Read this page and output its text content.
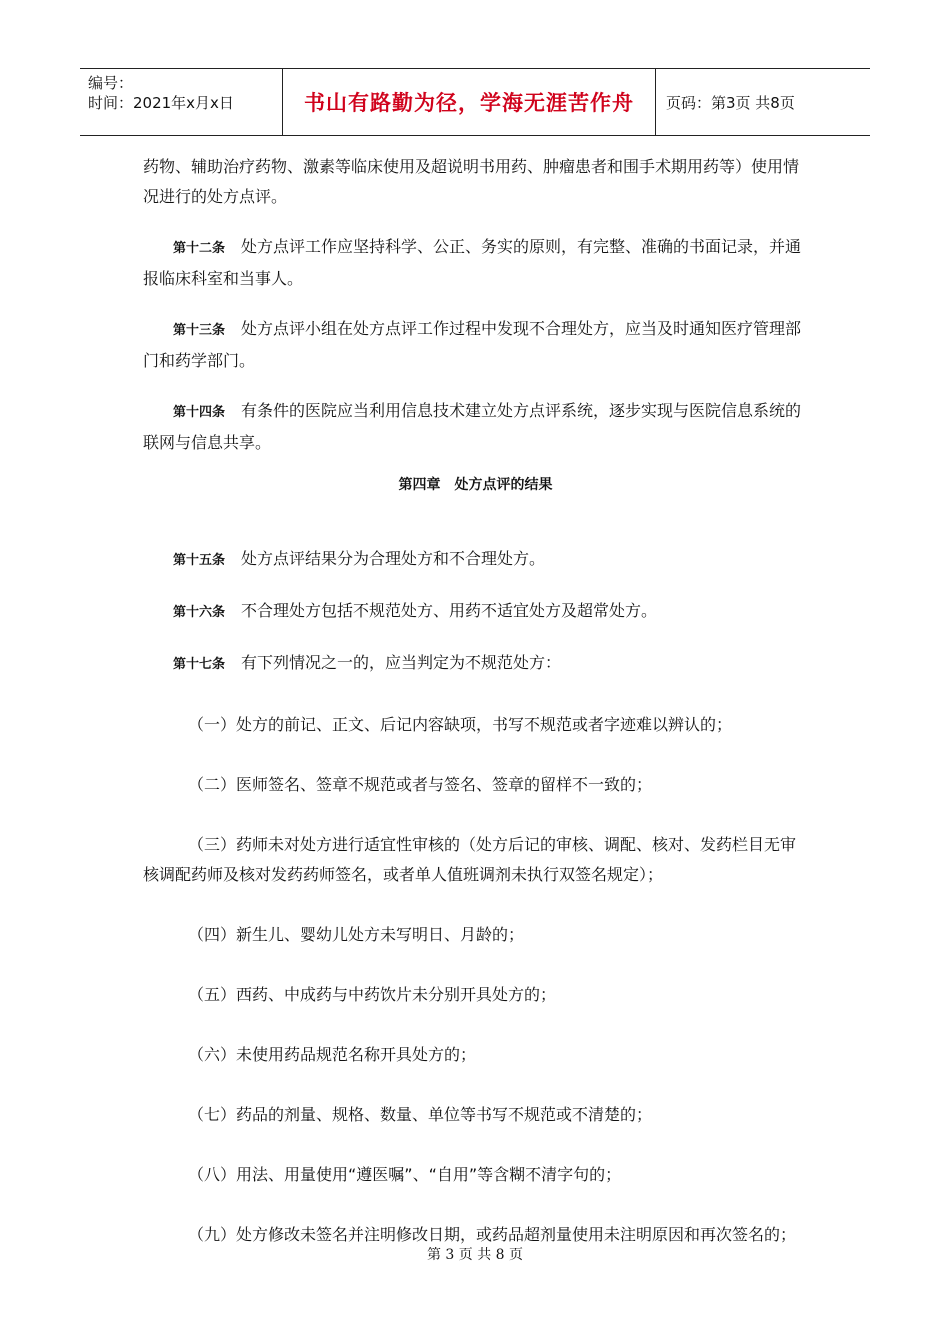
编号：
时间：2021年x月x日	书山有路勤为径，学海无涯苦作舟	页码：第3页 共8页

药物、辅助治疗药物、激素等临床使用及超说明书用药、肿瘤患者和围手术期用药等）使用情况进行的处方点评。

第十二条 处方点评工作应坚持科学、公正、务实的原则，有完整、准确的书面记录，并通报临床科室和当事人。

第十三条 处方点评小组在处方点评工作过程中发现不合理处方，应当及时通知医疗管理部门和药学部门。

第十四条 有条件的医院应当利用信息技术建立处方点评系统，逐步实现与医院信息系统的联网与信息共享。

第四章　处方点评的结果

第十五条 处方点评结果分为合理处方和不合理处方。

第十六条 不合理处方包括不规范处方、用药不适宜处方及超常处方。

第十七条 有下列情况之一的，应当判定为不规范处方：

（一）处方的前记、正文、后记内容缺项，书写不规范或者字迹难以辨认的；

（二）医师签名、签章不规范或者与签名、签章的留样不一致的；

（三）药师未对处方进行适宜性审核的（处方后记的审核、调配、核对、发药栏目无审核调配药师及核对发药药师签名，或者单人值班调剂未执行双签名规定）；

（四）新生儿、婴幼儿处方未写明日、月龄的；

（五）西药、中成药与中药饮片未分别开具处方的；

（六）未使用药品规范名称开具处方的；

（七）药品的剂量、规格、数量、单位等书写不规范或不清楚的；

（八）用法、用量使用“遵医嘱”、“自用”等含糊不清字句的；

（九）处方修改未签名并注明修改日期，或药品超剂量使用未注明原因和再次签名的；

第 3 页 共 8 页
